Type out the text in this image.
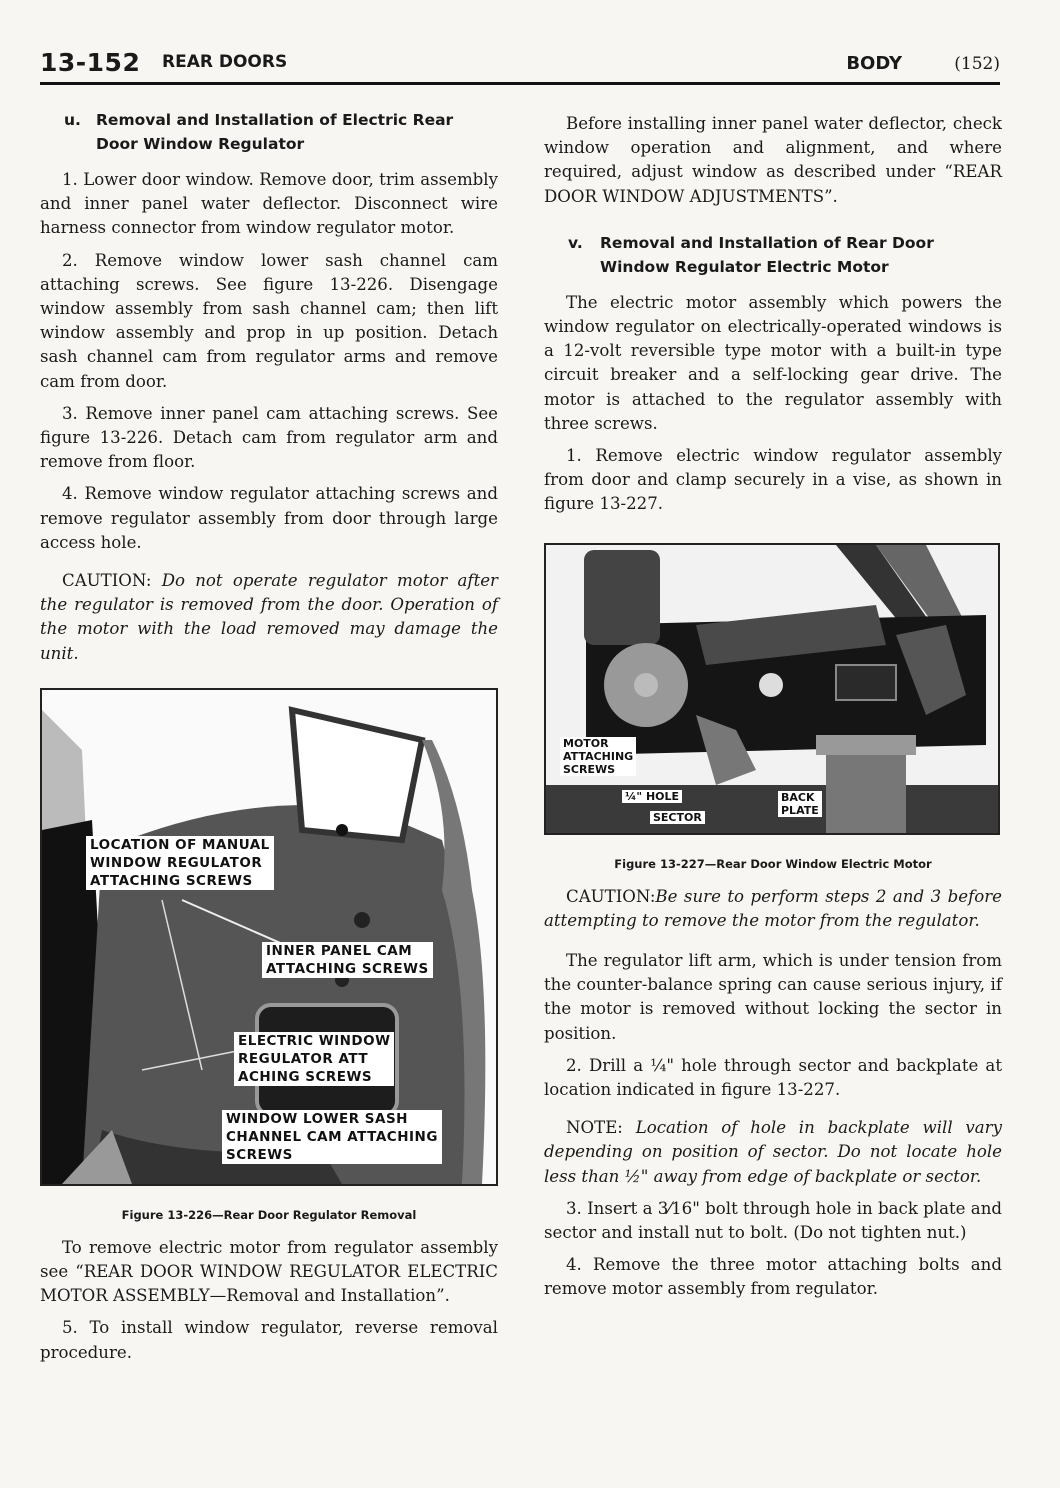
13-152 REAR DOORS	BODY	(152)
u. Removal and Installation of Electric Rear Door Window Regulator

1. Lower door window. Remove door, trim assembly and inner panel water deflector. Disconnect wire harness connector from window regulator motor.

2. Remove window lower sash channel cam attaching screws. See figure 13-226. Disengage window assembly from sash channel cam; then lift window assembly and prop in up position. Detach sash channel cam from regulator arms and remove cam from door.

3. Remove inner panel cam attaching screws. See figure 13-226. Detach cam from regulator arm and remove from floor.

4. Remove window regulator attaching screws and remove regulator assembly from door through large access hole.

CAUTION: Do not operate regulator motor after the regulator is removed from the door. Operation of the motor with the load removed may damage the unit.

LOCATION OF MANUAL
WINDOW REGULATOR
ATTACHING SCREWS
INNER PANEL CAM
ATTACHING SCREWS
ELECTRIC WINDOW
REGULATOR ATT
ACHING SCREWS
WINDOW LOWER SASH
CHANNEL CAM ATTACHING
SCREWS
Figure 13-226—Rear Door Regulator Removal

To remove electric motor from regulator assembly see “REAR DOOR WINDOW REGULATOR ELECTRIC MOTOR ASSEMBLY—Removal and Installation”.

5. To install window regulator, reverse removal procedure.

Before installing inner panel water deflector, check window operation and alignment, and where required, adjust window as described under “REAR DOOR WINDOW ADJUSTMENTS”.

v. Removal and Installation of Rear Door Window Regulator Electric Motor

The electric motor assembly which powers the window regulator on electrically-operated windows is a 12-volt reversible type motor with a built-in type circuit breaker and a self-locking gear drive. The motor is attached to the regulator assembly with three screws.

1. Remove electric window regulator assembly from door and clamp securely in a vise, as shown in figure 13-227.

MOTOR
ATTACHING
SCREWS
¼" HOLE
SECTOR
BACK
PLATE
Figure 13-227—Rear Door Window Electric Motor

CAUTION:Be sure to perform steps 2 and 3 before attempting to remove the motor from the regulator.

The regulator lift arm, which is under tension from the counter-balance spring can cause serious injury, if the motor is removed without locking the sector in position.

2. Drill a ¼" hole through sector and backplate at location indicated in figure 13-227.

NOTE: Location of hole in backplate will vary depending on position of sector. Do not locate hole less than ½" away from edge of backplate or sector.

3. Insert a 3⁄16" bolt through hole in back plate and sector and install nut to bolt. (Do not tighten nut.)

4. Remove the three motor attaching bolts and remove motor assembly from regulator.
